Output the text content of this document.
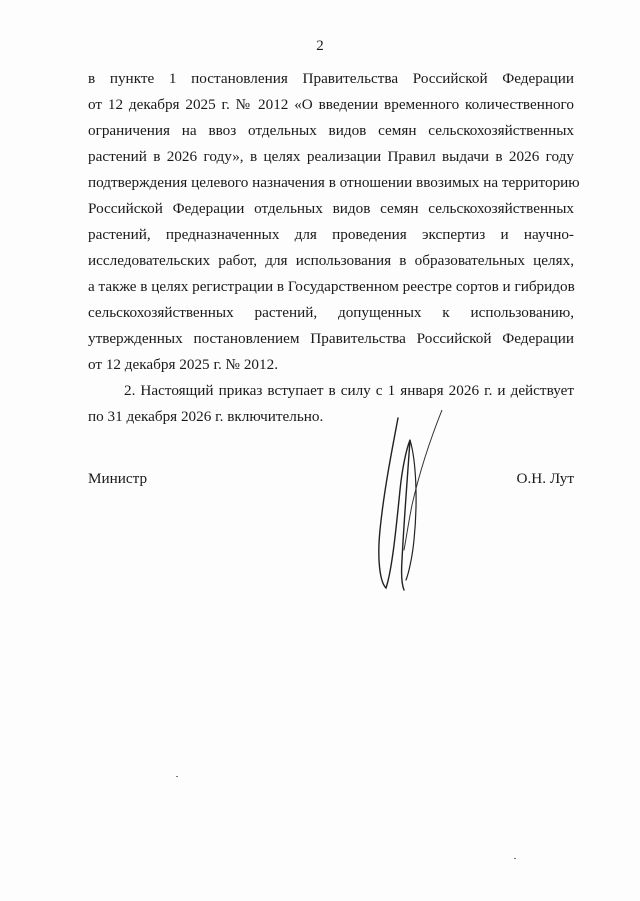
2
в пункте 1 постановления Правительства Российской Федерации
от 12 декабря 2025 г. № 2012 «О введении временного количественного
ограничения на ввоз отдельных видов семян сельскохозяйственных
растений в 2026 году», в целях реализации Правил выдачи в 2026 году
подтверждения целевого назначения в отношении ввозимых на территорию
Российской Федерации отдельных видов семян сельскохозяйственных
растений, предназначенных для проведения экспертиз и научно-
исследовательских работ, для использования в образовательных целях,
а также в целях регистрации в Государственном реестре сортов и гибридов
сельскохозяйственных растений, допущенных к использованию,
утвержденных постановлением Правительства Российской Федерации
от 12 декабря 2025 г. № 2012.
2. Настоящий приказ вступает в силу с 1 января 2026 г. и действует
по 31 декабря 2026 г. включительно.
Министр	О.Н. Лут
